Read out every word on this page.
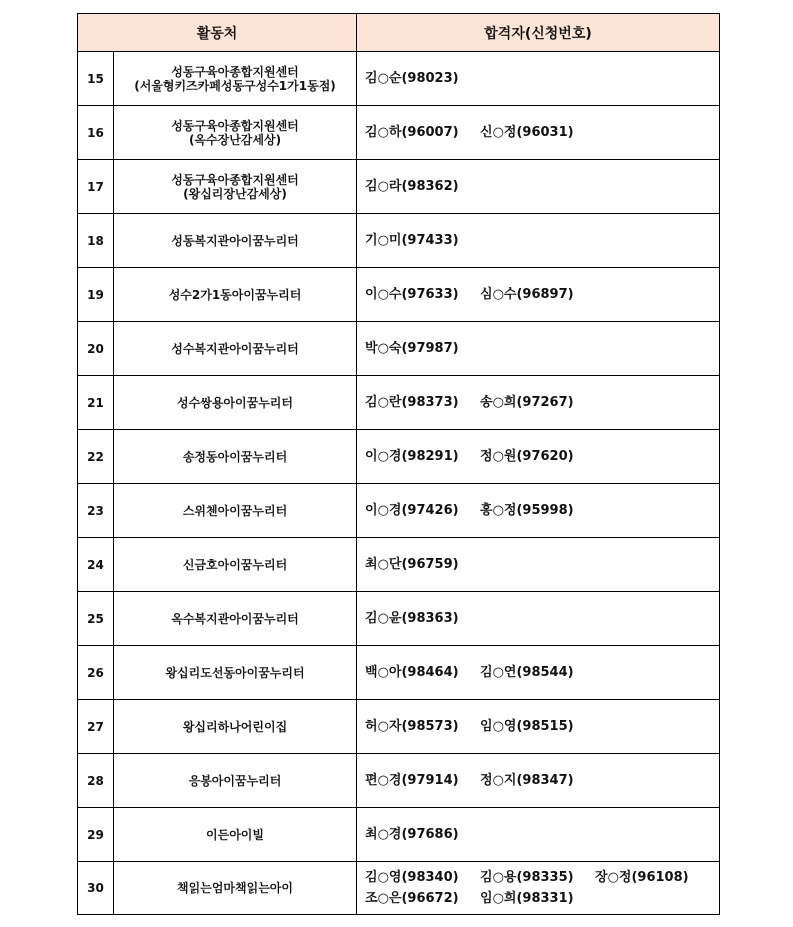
활동처		합격자(신청번호)
15	성동구육아종합지원센터
(서울형키즈카페성동구성수1가1동점)	김○순(98023)

16	성동구육아종합지원센터
(옥수장난감세상)	김○하(96007) 신○정(96031)

17	성동구육아종합지원센터
(왕십리장난감세상)	김○라(98362)

18	성동복지관아이꿈누리터	기○미(97433)

19	성수2가1동아이꿈누리터	이○수(97633) 심○수(96897)

20	성수복지관아이꿈누리터	박○숙(97987)

21	성수쌍용아이꿈누리터	김○란(98373) 송○희(97267)

22	송정동아이꿈누리터	이○경(98291) 정○원(97620)

23	스위첸아이꿈누리터	이○경(97426) 홍○정(95998)

24	신금호아이꿈누리터	최○단(96759)

25	옥수복지관아이꿈누리터	김○윤(98363)

26	왕십리도선동아이꿈누리터	백○아(98464) 김○연(98544)

27	왕십리하나어린이집	허○자(98573) 임○영(98515)

28	응봉아이꿈누리터	편○경(97914) 정○지(98347)

29	이든아이빌	최○경(97686)

30	책읽는엄마책읽는아이	김○영(98340) 김○용(98335) 장○정(96108)
조○은(96672) 임○희(98331)
